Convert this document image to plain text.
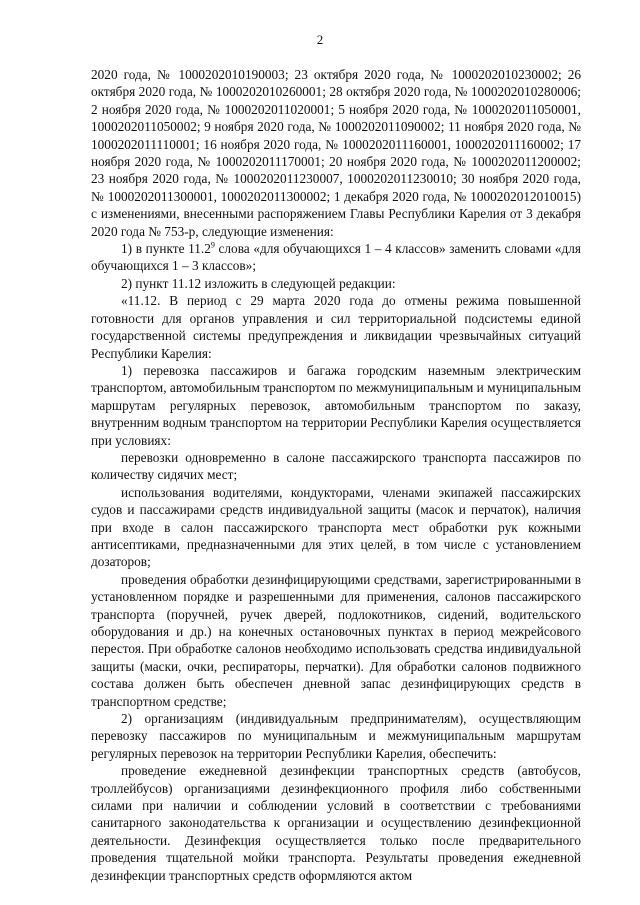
2

2020 года, № 1000202010190003; 23 октября 2020 года, № 1000202010230002; 26 октября 2020 года, № 1000202010260001; 28 октября 2020 года, № 1000202010280006; 2 ноября 2020 года, № 1000202011020001; 5 ноября 2020 года, № 1000202011050001, 1000202011050002; 9 ноября 2020 года, № 1000202011090002; 11 ноября 2020 года, № 1000202011110001; 16 ноября 2020 года, № 1000202011160001, 1000202011160002; 17 ноября 2020 года, № 1000202011170001; 20 ноября 2020 года, № 1000202011200002; 23 ноября 2020 года, № 1000202011230007, 1000202011230010; 30 ноября 2020 года, № 1000202011300001, 1000202011300002; 1 декабря 2020 года, № 1000202012010015) с изменениями, внесенными распоряжением Главы Республики Карелия от 3 декабря 2020 года № 753-р, следующие изменения:

1) в пункте 11.2$^9$ слова «для обучающихся 1 – 4 классов» заменить словами «для обучающихся 1 – 3 классов»;

2) пункт 11.12 изложить в следующей редакции:

«11.12. В период с 29 марта 2020 года до отмены режима повышенной готовности для органов управления и сил территориальной подсистемы единой государственной системы предупреждения и ликвидации чрезвычайных ситуаций Республики Карелия:

1) перевозка пассажиров и багажа городским наземным электрическим транспортом, автомобильным транспортом по межмуниципальным и муниципальным маршрутам регулярных перевозок, автомобильным транспортом по заказу, внутренним водным транспортом на территории Республики Карелия осуществляется при условиях:

перевозки одновременно в салоне пассажирского транспорта пассажиров по количеству сидячих мест;

использования водителями, кондукторами, членами экипажей пассажирских судов и пассажирами средств индивидуальной защиты (масок и перчаток), наличия при входе в салон пассажирского транспорта мест обработки рук кожными антисептиками, предназначенными для этих целей, в том числе с установлением дозаторов;

проведения обработки дезинфицирующими средствами, зарегистрированными в установленном порядке и разрешенными для применения, салонов пассажирского транспорта (поручней, ручек дверей, подлокотников, сидений, водительского оборудования и др.) на конечных остановочных пунктах в период межрейсового перестоя. При обработке салонов необходимо использовать средства индивидуальной защиты (маски, очки, респираторы, перчатки). Для обработки салонов подвижного состава должен быть обеспечен дневной запас дезинфицирующих средств в транспортном средстве;

2) организациям (индивидуальным предпринимателям), осуществляющим перевозку пассажиров по муниципальным и межмуниципальным маршрутам регулярных перевозок на территории Республики Карелия, обеспечить:

проведение ежедневной дезинфекции транспортных средств (автобусов, троллейбусов) организациями дезинфекционного профиля либо собственными силами при наличии и соблюдении условий в соответствии с требованиями санитарного законодательства к организации и осуществлению дезинфекционной деятельности. Дезинфекция осуществляется только после предварительного проведения тщательной мойки транспорта. Результаты проведения ежедневной дезинфекции транспортных средств оформляются актом
